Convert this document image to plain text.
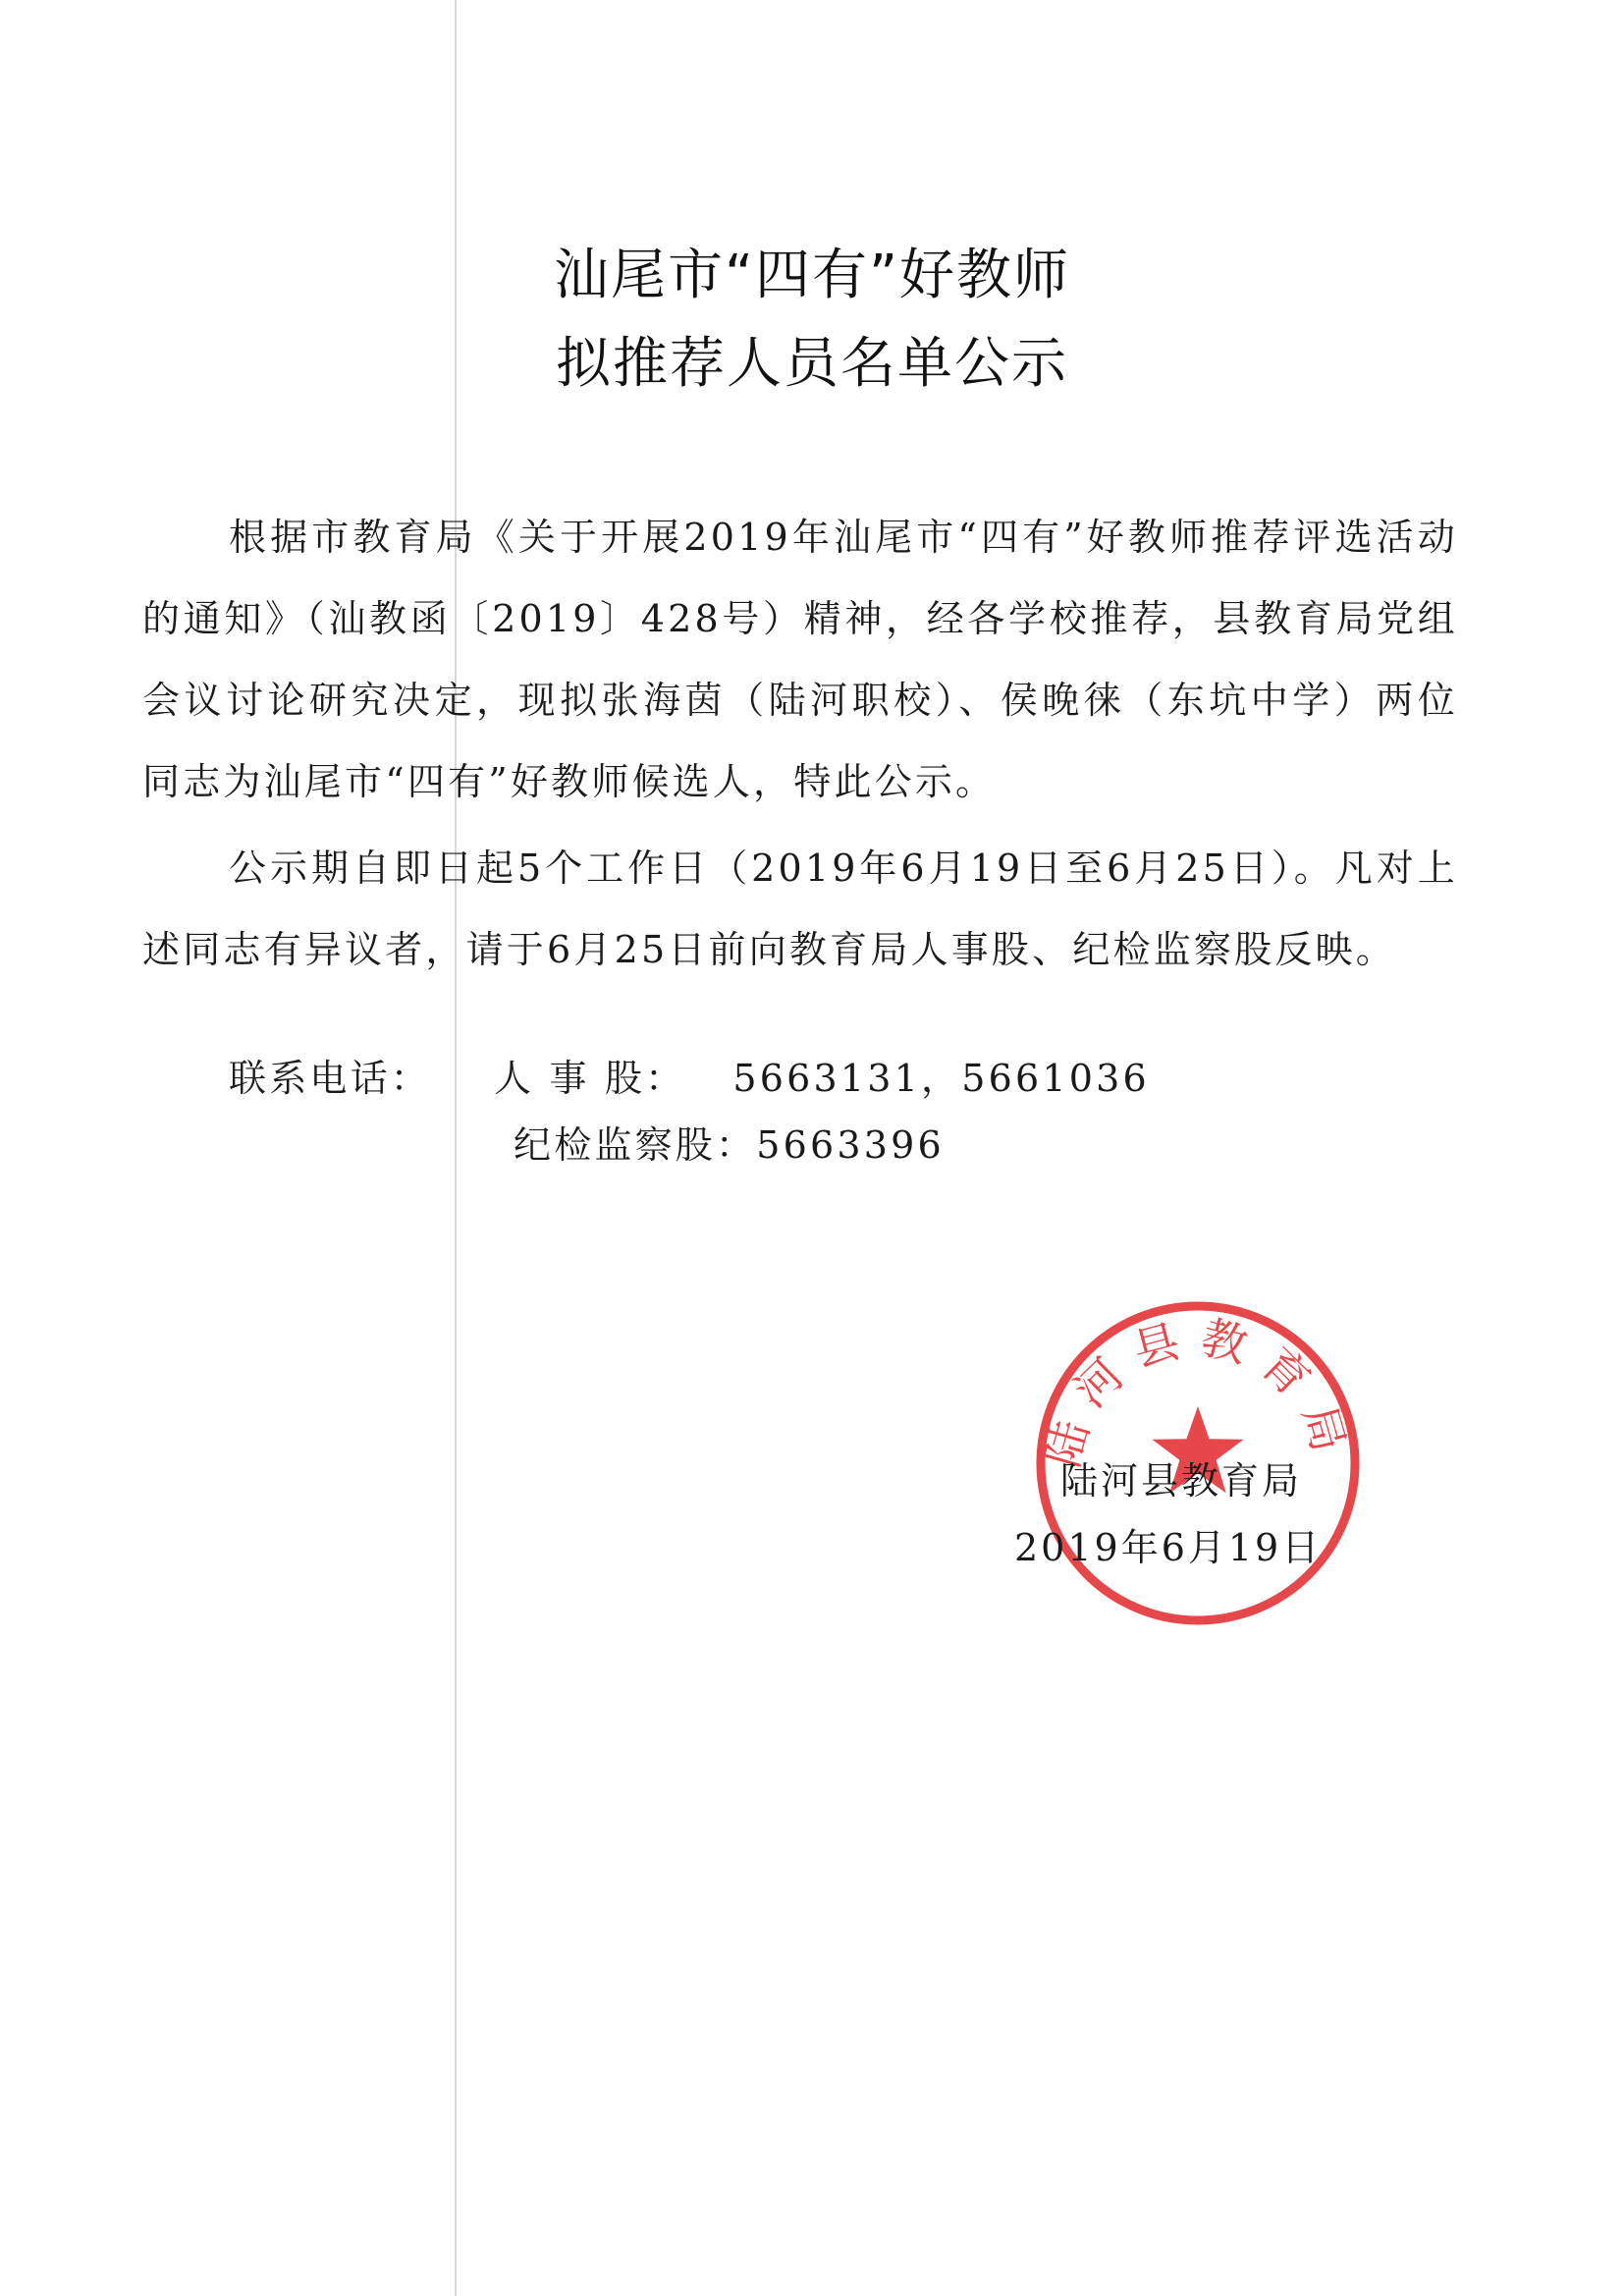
汕尾市“四有”好教师
拟推荐人员名单公示

根据市教育局《关于开展2019年汕尾市“四有”好教师推荐评选活动的通知》（汕教函〔2019〕428号）精神，经各学校推荐，县教育局党组会议讨论研究决定，现拟张海茵（陆河职校）、侯晚徕（东坑中学）两位同志为汕尾市“四有”好教师候选人，特此公示。

公示期自即日起5个工作日（2019年6月19日至6月25日）。凡对上述同志有异议者，请于6月25日前向教育局人事股、纪检监察股反映。

联系电话： 人 事 股： 5663131，5661036
纪检监察股：5663396
陆河县教育局
陆河县教育局
2019年6月19日
